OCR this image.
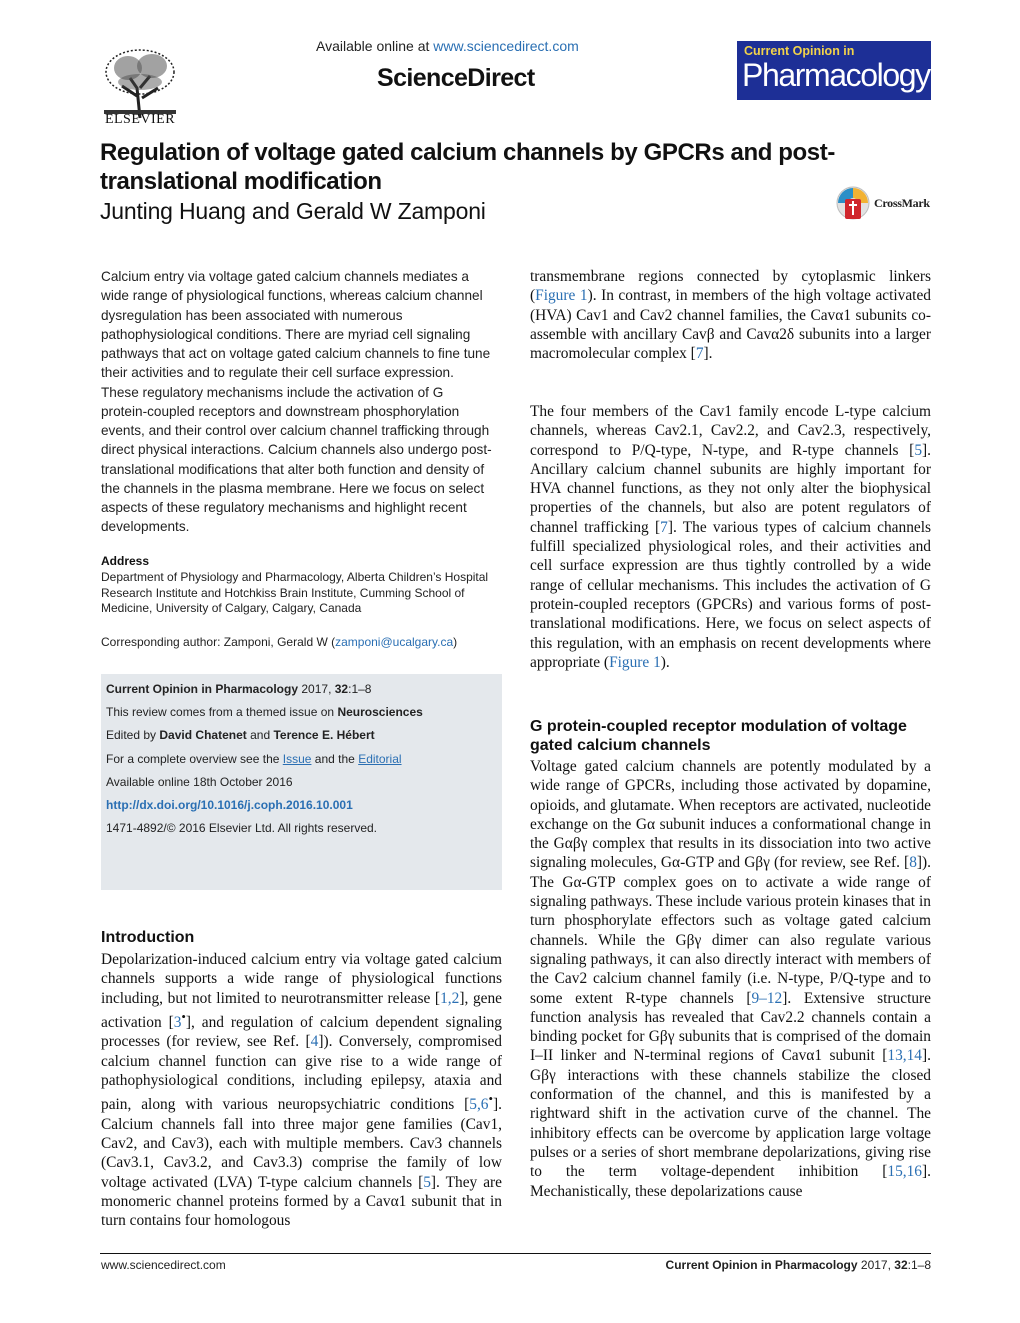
ELSEVIER
Available online at www.sciencedirect.com
ScienceDirect
Current Opinion in
Pharmacology
Regulation of voltage gated calcium channels by GPCRs and post-translational modification
Junting Huang and Gerald W Zamponi	CrossMark
Calcium entry via voltage gated calcium channels mediates a wide range of physiological functions, whereas calcium channel dysregulation has been associated with numerous pathophysiological conditions. There are myriad cell signaling pathways that act on voltage gated calcium channels to fine tune their activities and to regulate their cell surface expression. These regulatory mechanisms include the activation of G protein-coupled receptors and downstream phosphorylation events, and their control over calcium channel trafficking through direct physical interactions. Calcium channels also undergo post-translational modifications that alter both function and density of the channels in the plasma membrane. Here we focus on select aspects of these regulatory mechanisms and highlight recent developments.
Address
Department of Physiology and Pharmacology, Alberta Children’s Hospital Research Institute and Hotchkiss Brain Institute, Cumming School of Medicine, University of Calgary, Calgary, Canada
Corresponding author: Zamponi, Gerald W (zamponi@ucalgary.ca)
Current Opinion in Pharmacology 2017, 32:1–8
This review comes from a themed issue on Neurosciences
Edited by David Chatenet and Terence E. Hébert
For a complete overview see the Issue and the Editorial
Available online 18th October 2016
http://dx.doi.org/10.1016/j.coph.2016.10.001
1471-4892/© 2016 Elsevier Ltd. All rights reserved.
Introduction

Depolarization-induced calcium entry via voltage gated calcium channels supports a wide range of physiological functions including, but not limited to neurotransmitter release [1,2], gene activation [3•], and regulation of calcium dependent signaling processes (for review, see Ref. [4]). Conversely, compromised calcium channel function can give rise to a wide range of pathophysiological conditions, including epilepsy, ataxia and pain, along with various neuropsychiatric conditions [5,6•]. Calcium channels fall into three major gene families (Cav1, Cav2, and Cav3), each with multiple members. Cav3 channels (Cav3.1, Cav3.2, and Cav3.3) comprise the family of low voltage activated (LVA) T-type calcium channels [5]. They are monomeric channel proteins formed by a Cavα1 subunit that in turn contains four homologous

transmembrane regions connected by cytoplasmic linkers (Figure 1). In contrast, in members of the high voltage activated (HVA) Cav1 and Cav2 channel families, the Cavα1 subunits co-assemble with ancillary Cavβ and Cavα2δ subunits into a larger macromolecular complex [7].

The four members of the Cav1 family encode L-type calcium channels, whereas Cav2.1, Cav2.2, and Cav2.3, respectively, correspond to P/Q-type, N-type, and R-type channels [5]. Ancillary calcium channel subunits are highly important for HVA channel functions, as they not only alter the biophysical properties of the channels, but also are potent regulators of channel trafficking [7]. The various types of calcium channels fulfill specialized physiological roles, and their activities and cell surface expression are thus tightly controlled by a wide range of cellular mechanisms. This includes the activation of G protein-coupled receptors (GPCRs) and various forms of post-translational modifications. Here, we focus on select aspects of this regulation, with an emphasis on recent developments where appropriate (Figure 1).

G protein-coupled receptor modulation of voltage gated calcium channels

Voltage gated calcium channels are potently modulated by a wide range of GPCRs, including those activated by dopamine, opioids, and glutamate. When receptors are activated, nucleotide exchange on the Gα subunit induces a conformational change in the Gαβγ complex that results in its dissociation into two active signaling molecules, Gα-GTP and Gβγ (for review, see Ref. [8]). The Gα-GTP complex goes on to activate a wide range of signaling pathways. These include various protein kinases that in turn phosphorylate effectors such as voltage gated calcium channels. While the Gβγ dimer can also regulate various signaling pathways, it can also directly interact with members of the Cav2 calcium channel family (i.e. N-type, P/Q-type and to some extent R-type channels [9–12]. Extensive structure function analysis has revealed that Cav2.2 channels contain a binding pocket for Gβγ subunits that is comprised of the domain I–II linker and N-terminal regions of Cavα1 subunit [13,14]. Gβγ interactions with these channels stabilize the closed conformation of the channel, and this is manifested by a rightward shift in the activation curve of the channel. The inhibitory effects can be overcome by application large voltage pulses or a series of short membrane depolarizations, giving rise to the term voltage-dependent inhibition [15,16]. Mechanistically, these depolarizations cause

www.sciencedirect.com	Current Opinion in Pharmacology 2017, 32:1–8
